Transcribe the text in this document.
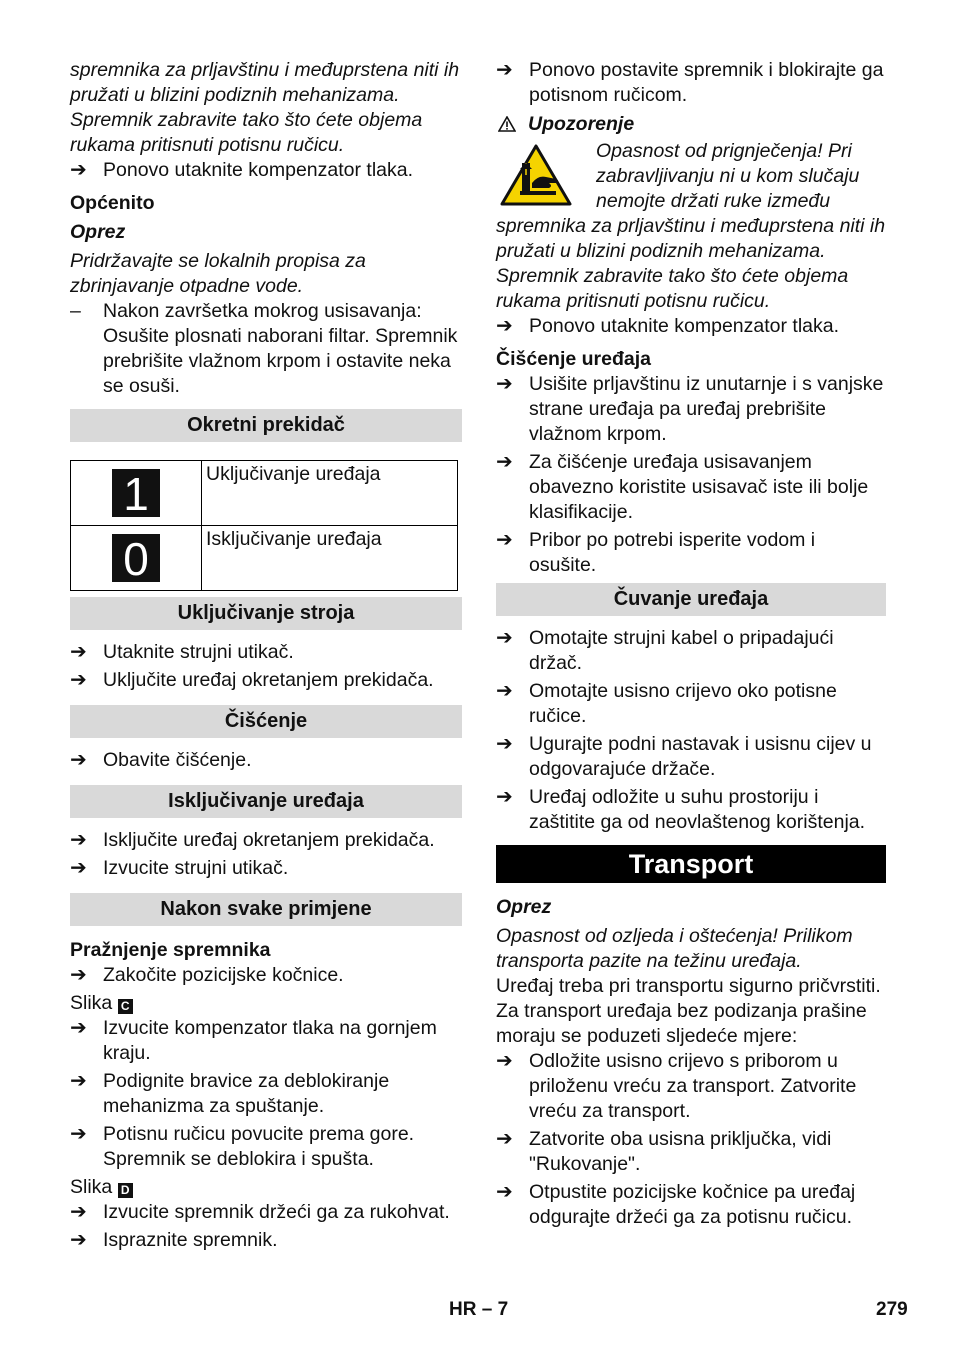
spremnika za prljavštinu i međuprstena niti ih pružati u blizini podiznih mehanizama. Spremnik zabravite tako što ćete objema rukama pritisnuti potisnu ručicu.

➔ Ponovo utaknite kompenzator tlaka.
Općenito
Oprez

Pridržavajte se lokalnih propisa za zbrinjavanje otpadne vode.

– Nakon završetka mokrog usisavanja: Osušite plosnati naborani filtar. Spremnik prebrišite vlažnom krpom i ostavite neka se osuši.
Okretni prekidač
1	Uključivanje uređaja
0	Isključivanje uređaja
Uključivanje stroja
➔ Utaknite strujni utikač.
➔ Uključite uređaj okretanjem prekidača.
Čišćenje
➔ Obavite čišćenje.
Isključivanje uređaja
➔ Isključite uređaj okretanjem prekidača.
➔ Izvucite strujni utikač.
Nakon svake primjene
Pražnjenje spremnika
➔ Zakočite pozicijske kočnice.
Slika C
➔ Izvucite kompenzator tlaka na gornjem kraju.
➔ Podignite bravice za deblokiranje mehanizma za spuštanje.
➔ Potisnu ručicu povucite prema gore. Spremnik se deblokira i spušta.
Slika D
➔ Izvucite spremnik držeći ga za rukohvat.
➔ Ispraznite spremnik.
➔ Ponovo postavite spremnik i blokirajte ga potisnom ručicom.
Upozorenje

Opasnost od prignječenja! Pri zabravljivanju ni u kom slučaju nemojte držati ruke između spremnika za prljavštinu i međuprstena niti ih pružati u blizini podiznih mehanizama. Spremnik zabravite tako što ćete objema rukama pritisnuti potisnu ručicu.

➔ Ponovo utaknite kompenzator tlaka.
Čišćenje uređaja
➔ Usišite prljavštinu iz unutarnje i s vanjske strane uređaja pa uređaj prebrišite vlažnom krpom.
➔ Za čišćenje uređaja usisavanjem obavezno koristite usisavač iste ili bolje klasifikacije.
➔ Pribor po potrebi isperite vodom i osušite.
Čuvanje uređaja
➔ Omotajte strujni kabel o pripadajući držač.
➔ Omotajte usisno crijevo oko potisne ručice.
➔ Ugurajte podni nastavak i usisnu cijev u odgovarajuće držače.
➔ Uređaj odložite u suhu prostoriju i zaštitite ga od neovlaštenog korištenja.
Transport
Oprez

Opasnost od ozljeda i oštećenja! Prilikom transporta pazite na težinu uređaja.

Uređaj treba pri transportu sigurno pričvrstiti.

Za transport uređaja bez podizanja prašine moraju se poduzeti sljedeće mjere:

➔ Odložite usisno crijevo s priborom u priloženu vreću za transport. Zatvorite vreću za transport.
➔ Zatvorite oba usisna priključka, vidi "Rukovanje".
➔ Otpustite pozicijske kočnice pa uređaj odgurajte držeći ga za potisnu ručicu.
HR – 7	279
